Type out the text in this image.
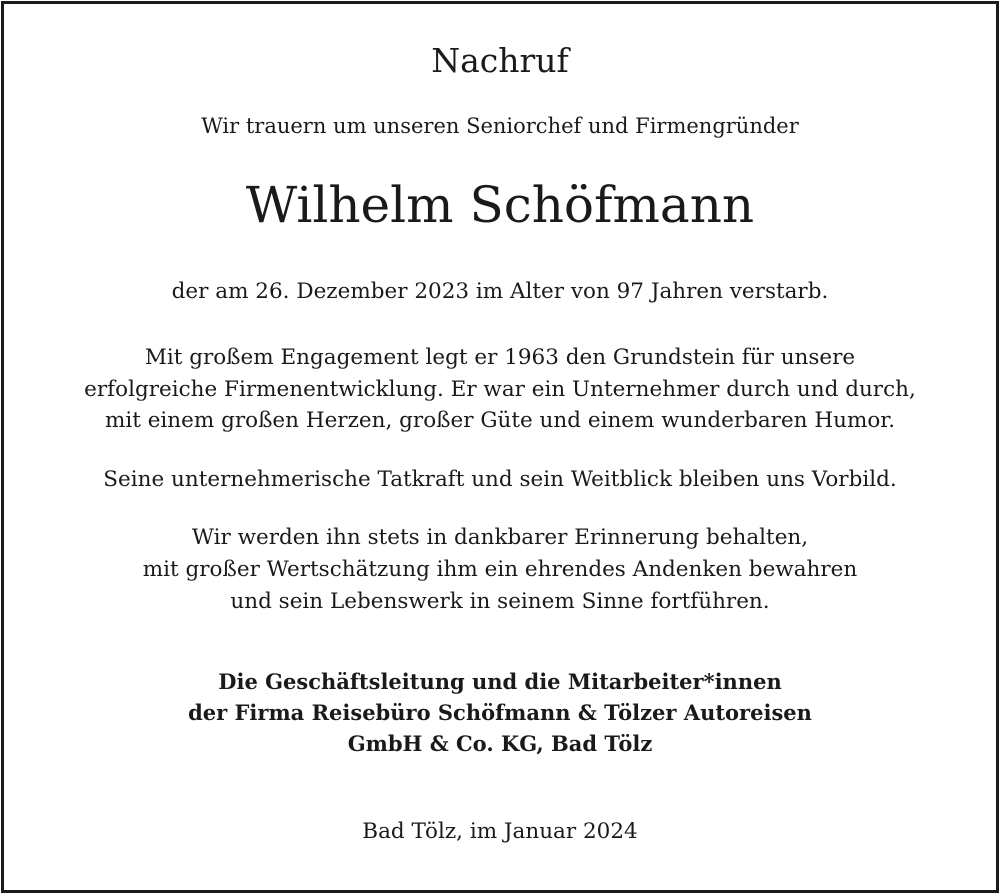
Nachruf
Wir trauern um unseren Seniorchef und Firmengründer
Wilhelm Schöfmann
der am 26. Dezember 2023 im Alter von 97 Jahren verstarb.
Mit großem Engagement legt er 1963 den Grundstein für unsere
erfolgreiche Firmenentwicklung. Er war ein Unternehmer durch und durch,
mit einem großen Herzen, großer Güte und einem wunderbaren Humor.
Seine unternehmerische Tatkraft und sein Weitblick bleiben uns Vorbild.
Wir werden ihn stets in dankbarer Erinnerung behalten,
mit großer Wertschätzung ihm ein ehrendes Andenken bewahren
und sein Lebenswerk in seinem Sinne fortführen.
Die Geschäftsleitung und die Mitarbeiter*innen
der Firma Reisebüro Schöfmann & Tölzer Autoreisen
GmbH & Co. KG, Bad Tölz
Bad Tölz, im Januar 2024
